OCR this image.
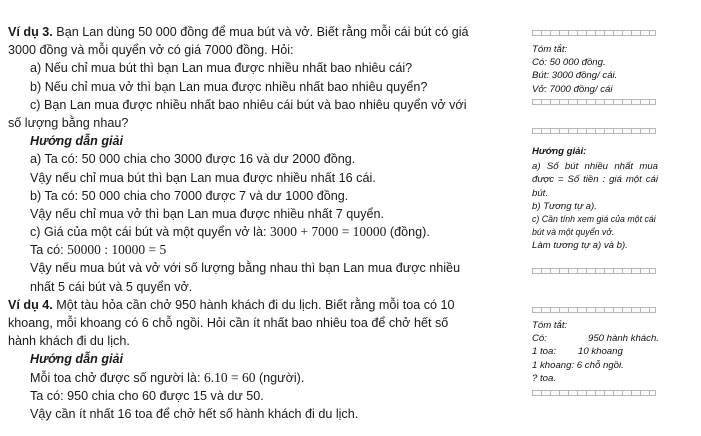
Ví dụ 3. Bạn Lan dùng 50 000 đồng để mua bút và vở. Biết rằng mỗi cái bút có giá
3000 đồng và mỗi quyển vở có giá 7000 đồng. Hỏi:
a) Nếu chỉ mua bút thì bạn Lan mua được nhiều nhất bao nhiêu cái?
b) Nếu chỉ mua vở thì bạn Lan mua được nhiều nhất bao nhiêu quyển?
c) Bạn Lan mua được nhiều nhất bao nhiêu cái bút và bao nhiêu quyển vở với
số lượng bằng nhau?
Hướng dẫn giải
a) Ta có: 50 000 chia cho 3000 được 16 và dư 2000 đồng.
Vậy nếu chỉ mua bút thì bạn Lan mua được nhiều nhất 16 cái.
b) Ta có: 50 000 chia cho 7000 được 7 và dư 1000 đồng.
Vậy nếu chỉ mua vở thì bạn Lan mua được nhiều nhất 7 quyển.
c) Giá của một cái bút và một quyển vở là: 3000 + 7000 = 10000 (đồng).
Ta có: 50000 : 10000 = 5
Vậy nếu mua bút và vở với số lượng bằng nhau thì bạn Lan mua được nhiều
nhất 5 cái bút và 5 quyển vở.
Ví dụ 4. Một tàu hỏa cần chở 950 hành khách đi du lịch. Biết rằng mỗi toa có 10
khoang, mỗi khoang có 6 chỗ ngồi. Hỏi cần ít nhất bao nhiêu toa để chở hết số
hành khách đi du lịch.
Hướng dẫn giải
Mỗi toa chở được số người là: 6.10 = 60 (người).
Ta có: 950 chia cho 60 được 15 và dư 50.
Vậy cần ít nhất 16 toa để chở hết số hành khách đi du lịch.
Tóm tắt:
Có: 50 000 đồng.
Bút: 3000 đồng/ cái.
Vở: 7000 đồng/ cái
Hướng giải:
a) Số bút nhiều nhất mua được = Số tiền : giá một cái bút.
b) Tương tự a).
c) Cần tính xem giá của một cái bút và một quyển vở.
Làm tương tự a) và b).
Tóm tắt:
Có:	950 hành khách.
1 toa: 10 khoang
1 khoang: 6 chỗ ngồi.
? toa.
